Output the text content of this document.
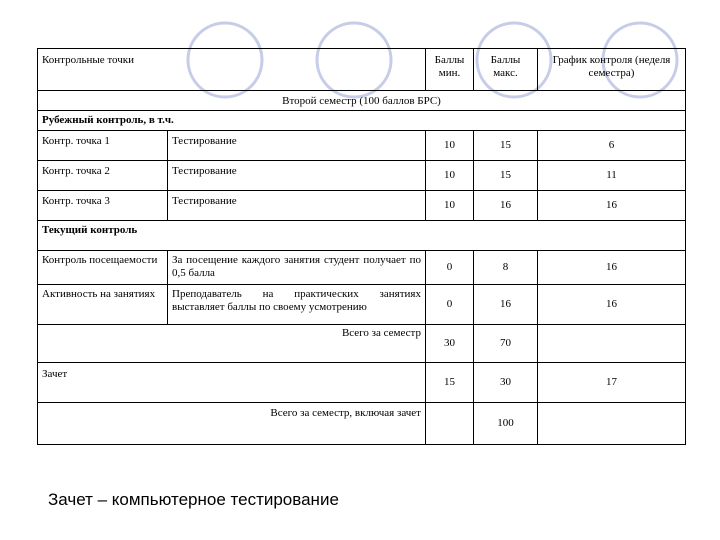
Контрольные точки		Баллы мин.	Баллы макс.	График контроля (неделя семестра)
Второй семестр (100 баллов БРС)				
Рубежный контроль, в т.ч.				
Контр. точка 1	Тестирование	10	15	6
Контр. точка 2	Тестирование	10	15	11
Контр. точка 3	Тестирование	10	16	16
Текущий контроль				
Контроль посещаемости	За посещение каждого занятия студент получает по 0,5 балла	0	8	16
Активность на занятиях	Преподаватель на практических занятиях выставляет баллы по своему усмотрению	0	16	16
Всего за семестр		30	70	
Зачет		15	30	17
Всего за семестр, включая зачет			100	
Зачет – компьютерное тестирование
